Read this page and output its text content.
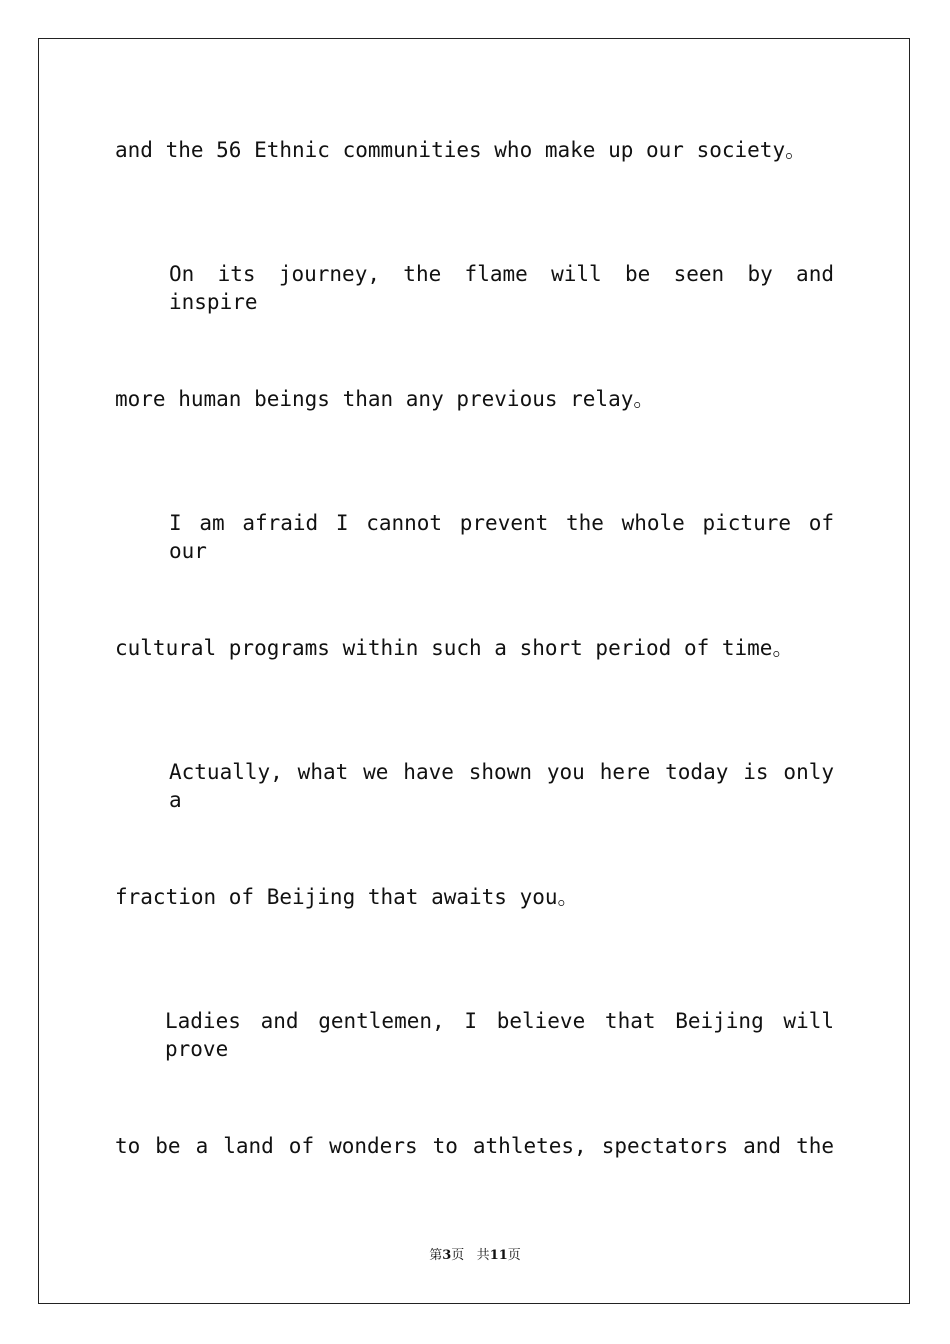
and the 56 Ethnic communities who make up our society。
On its journey, the flame will be seen by and inspire
more human beings than any previous relay。
I am afraid I cannot prevent the whole picture of our
cultural programs within such a short period of time。
Actually, what we have shown you here today is only a
fraction of Beijing that awaits you。
Ladies and gentlemen, I believe that Beijing will prove
to be a land of wonders to athletes, spectators and the
第3页 共11页
